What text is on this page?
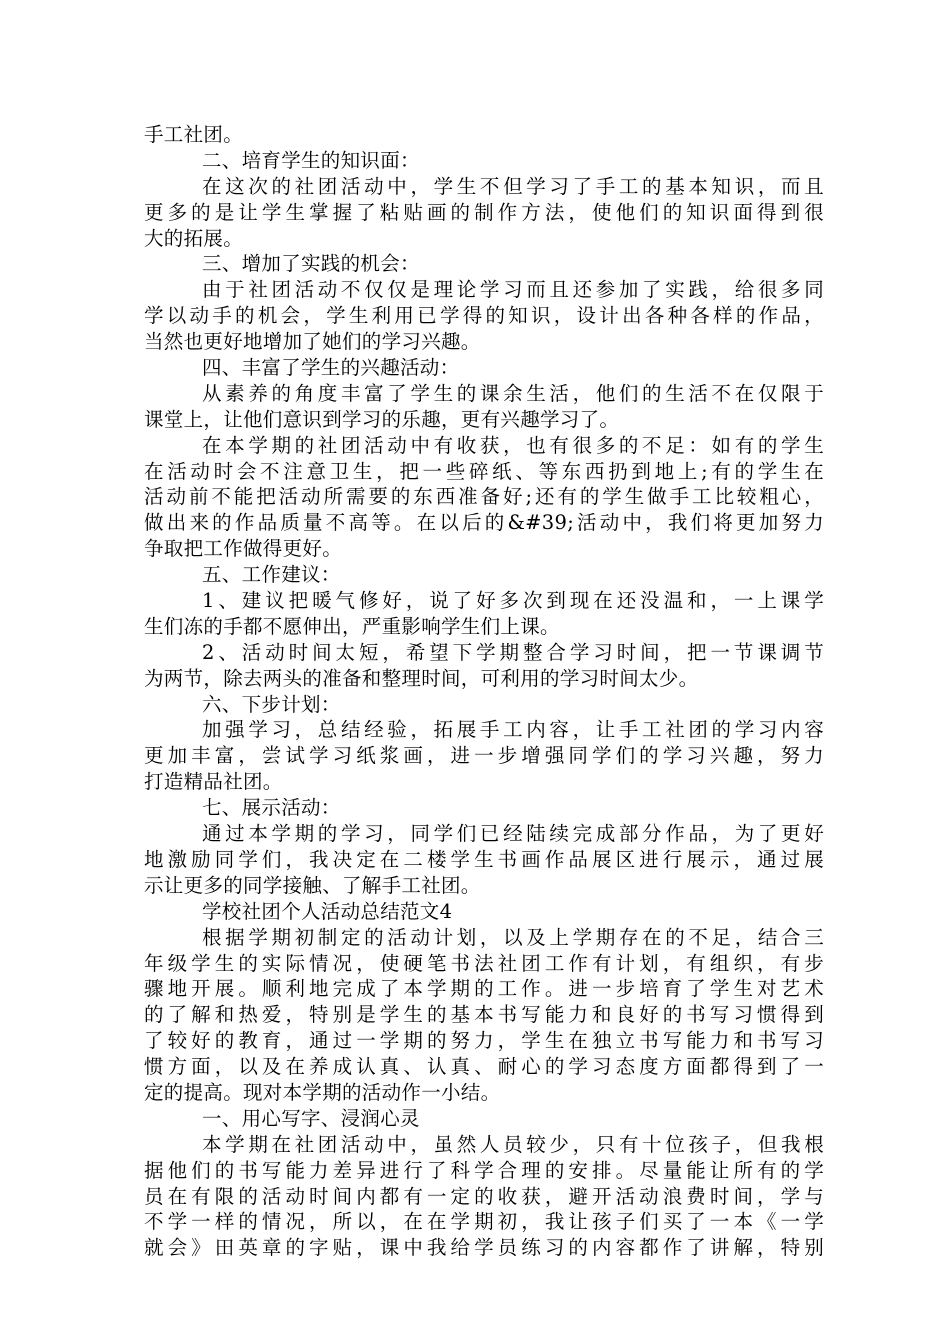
手工社团。
二、培育学生的知识面：
在这次的社团活动中，学生不但学习了手工的基本知识，而且
更多的是让学生掌握了粘贴画的制作方法，使他们的知识面得到很
大的拓展。
三、增加了实践的机会：
由于社团活动不仅仅是理论学习而且还参加了实践，给很多同
学以动手的机会，学生利用已学得的知识，设计出各种各样的作品，
当然也更好地增加了她们的学习兴趣。
四、丰富了学生的兴趣活动：
从素养的角度丰富了学生的课余生活，他们的生活不在仅限于
课堂上，让他们意识到学习的乐趣，更有兴趣学习了。
在本学期的社团活动中有收获，也有很多的不足：如有的学生
在活动时会不注意卫生，把一些碎纸、等东西扔到地上;有的学生在
活动前不能把活动所需要的东西准备好;还有的学生做手工比较粗心，
做出来的作品质量不高等。在以后的&#39;活动中，我们将更加努力
争取把工作做得更好。
五、工作建议：
1、建议把暖气修好，说了好多次到现在还没温和，一上课学
生们冻的手都不愿伸出，严重影响学生们上课。
2、活动时间太短，希望下学期整合学习时间，把一节课调节
为两节，除去两头的准备和整理时间，可利用的学习时间太少。
六、下步计划：
加强学习，总结经验，拓展手工内容，让手工社团的学习内容
更加丰富，尝试学习纸浆画，进一步增强同学们的学习兴趣，努力
打造精品社团。
七、展示活动：
通过本学期的学习，同学们已经陆续完成部分作品，为了更好
地激励同学们，我决定在二楼学生书画作品展区进行展示，通过展
示让更多的同学接触、了解手工社团。
学校社团个人活动总结范文4
根据学期初制定的活动计划，以及上学期存在的不足，结合三
年级学生的实际情况，使硬笔书法社团工作有计划，有组织，有步
骤地开展。顺利地完成了本学期的工作。进一步培育了学生对艺术
的了解和热爱，特别是学生的基本书写能力和良好的书写习惯得到
了较好的教育，通过一学期的努力，学生在独立书写能力和书写习
惯方面，以及在养成认真、认真、耐心的学习态度方面都得到了一
定的提高。现对本学期的活动作一小结。
一、用心写字、浸润心灵
本学期在社团活动中，虽然人员较少，只有十位孩子，但我根
据他们的书写能力差异进行了科学合理的安排。尽量能让所有的学
员在有限的活动时间内都有一定的收获，避开活动浪费时间，学与
不学一样的情况，所以，在在学期初，我让孩子们买了一本《一学
就会》田英章的字贴，课中我给学员练习的内容都作了讲解，特别
